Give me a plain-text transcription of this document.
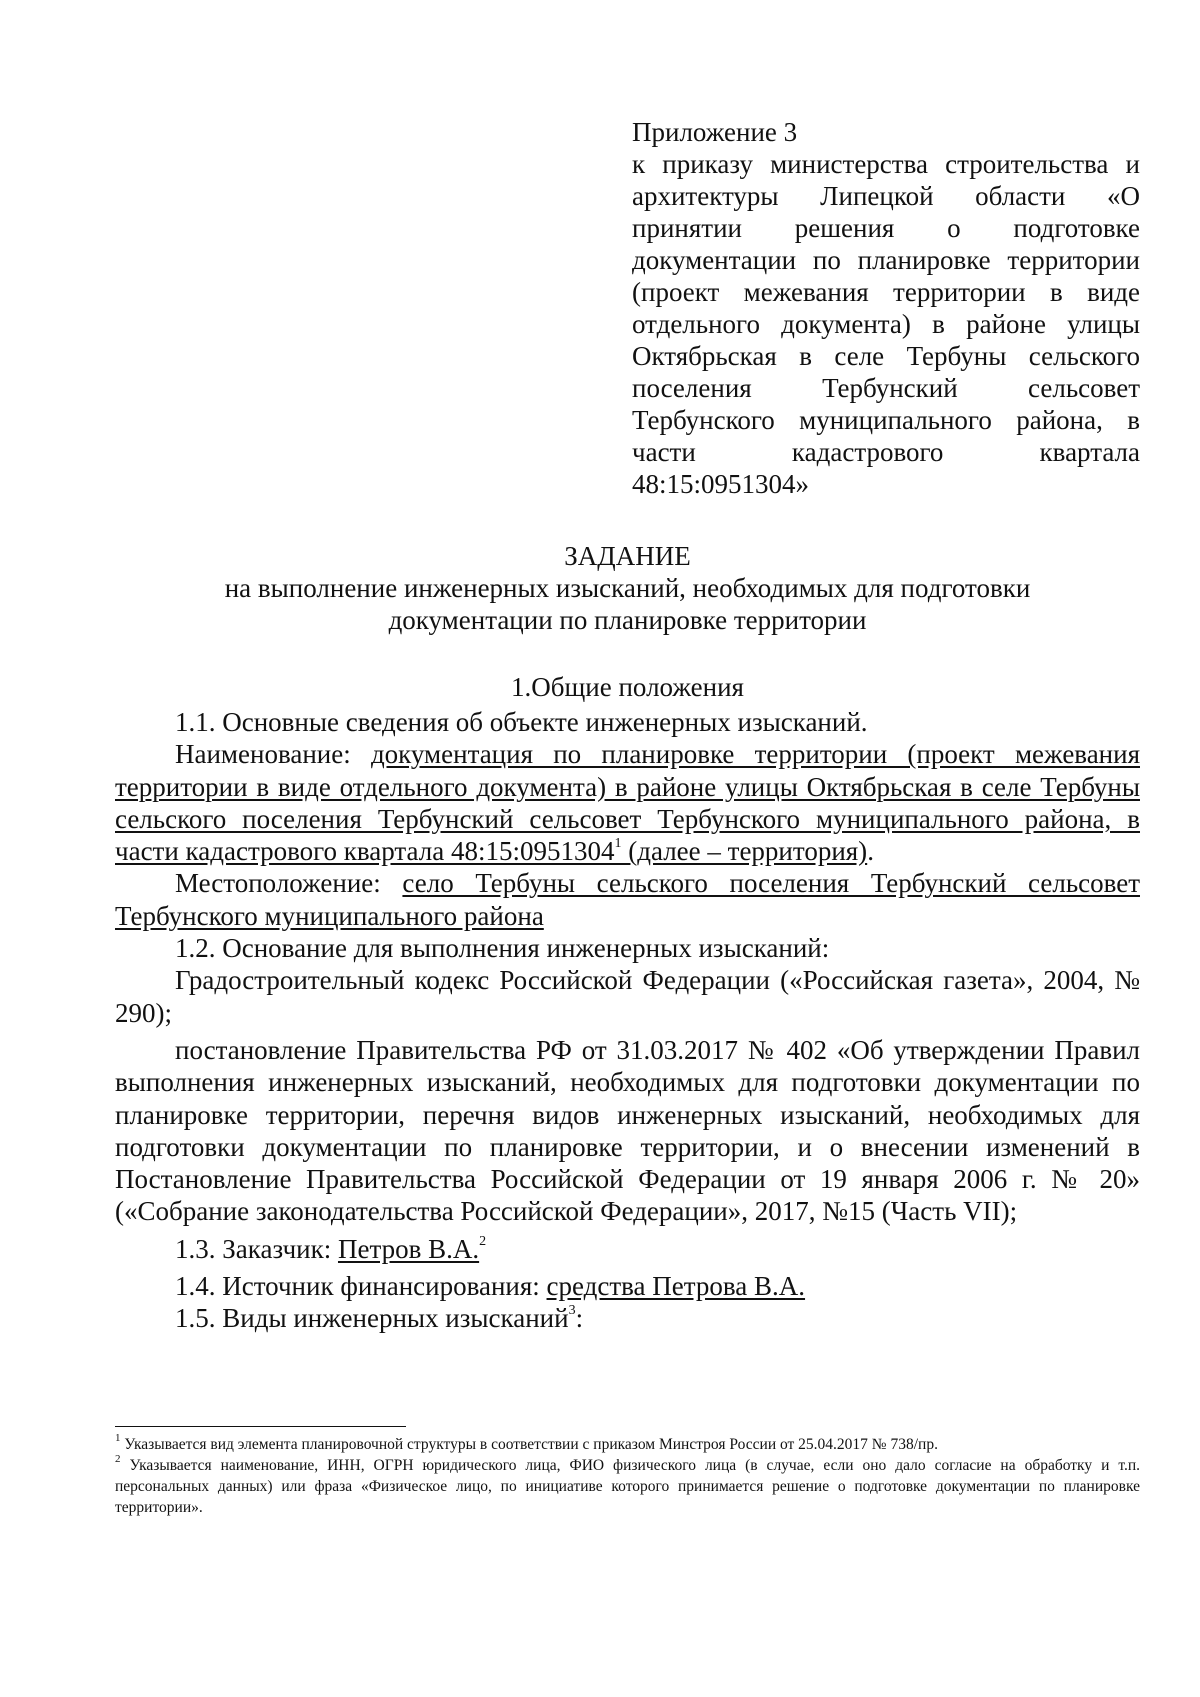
Приложение 3
к приказу министерства строительства и архитектуры Липецкой области «О принятии решения о подготовке документации по планировке территории (проект межевания территории в виде отдельного документа) в районе улицы Октябрьская в селе Тербуны сельского поселения Тербунский сельсовет Тербунского муниципального района, в части кадастрового квартала 48:15:0951304»
ЗАДАНИЕ
на выполнение инженерных изысканий, необходимых для подготовки
документации по планировке территории
1.Общие положения

1.1. Основные сведения об объекте инженерных изысканий.

Наименование: документация по планировке территории (проект межевания территории в виде отдельного документа) в районе улицы Октябрьская в селе Тербуны сельского поселения Тербунский сельсовет Тербунского муниципального района, в части кадастрового квартала 48:15:0951304$^1$ (далее – территория).

Местоположение: село Тербуны сельского поселения Тербунский сельсовет Тербунского муниципального района

1.2. Основание для выполнения инженерных изысканий:

Градостроительный кодекс Российской Федерации («Российская газета», 2004, № 290);

постановление Правительства РФ от 31.03.2017 № 402 «Об утверждении Правил выполнения инженерных изысканий, необходимых для подготовки документации по планировке территории, перечня видов инженерных изысканий, необходимых для подготовки документации по планировке территории, и о внесении изменений в Постановление Правительства Российской Федерации от 19 января 2006 г. № 20» («Собрание законодательства Российской Федерации», 2017, №15 (Часть VII);

1.3. Заказчик: Петров В.А.$^2$

1.4. Источник финансирования: средства Петрова В.А.

1.5. Виды инженерных изысканий$^3$:

$^1$ Указывается вид элемента планировочной структуры в соответствии с приказом Минстроя России от 25.04.2017 № 738/пр.

$^2$ Указывается наименование, ИНН, ОГРН юридического лица, ФИО физического лица (в случае, если оно дало согласие на обработку и т.п. персональных данных) или фраза «Физическое лицо, по инициативе которого принимается решение о подготовке документации по планировке территории».
